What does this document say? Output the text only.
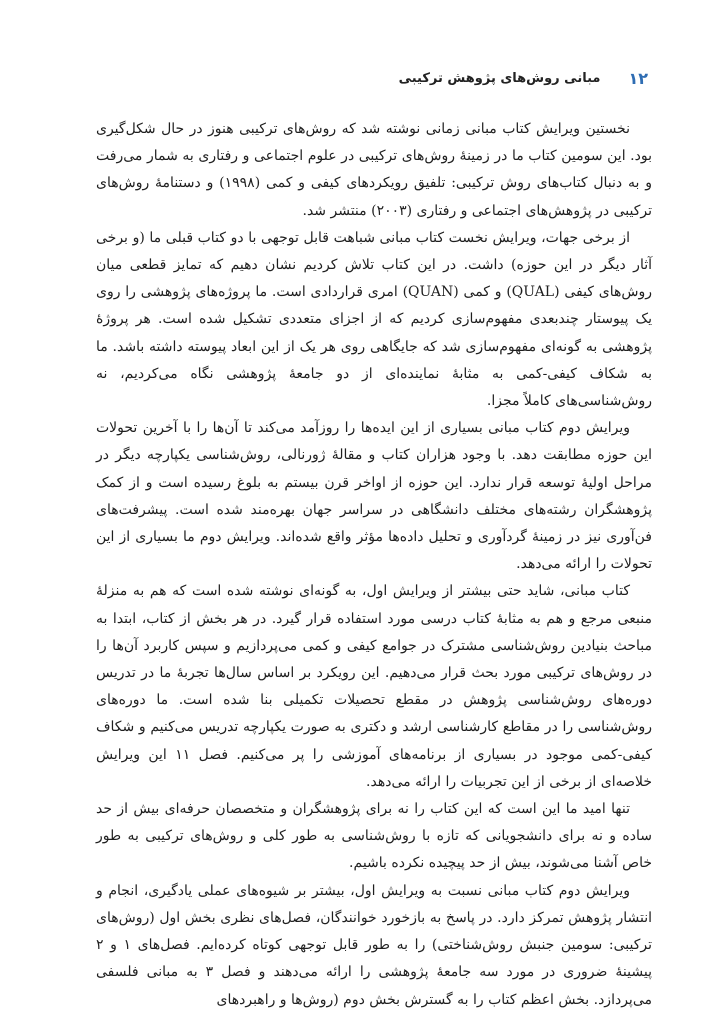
۱۲
مبانی روش‌های پژوهش ترکیبی

نخستین ویرایش کتاب مبانی زمانی نوشته شد که روش‌های ترکیبی هنوز در حال شکل‌گیری بود. این سومین کتاب ما در زمینهٔ روش‌های ترکیبی در علوم اجتماعی و رفتاری به شمار می‌رفت و به دنبال کتاب‌های روش ترکیبی: تلفیق رویکردهای کیفی و کمی (۱۹۹۸) و دستنامهٔ روش‌های ترکیبی در پژوهش‌های اجتماعی و رفتاری (۲۰۰۳) منتشر شد.

از برخی جهات، ویرایش نخست کتاب مبانی شباهت قابل توجهی با دو کتاب قبلی ما (و برخی آثار دیگر در این حوزه) داشت. در این کتاب تلاش کردیم نشان دهیم که تمایز قطعی میان روش‌های کیفی (QUAL) و کمی (QUAN) امری قراردادی است. ما پروژه‌های پژوهشی را روی یک پیوستار چندبعدی مفهوم‌سازی کردیم که از اجزای متعددی تشکیل شده است. هر پروژهٔ پژوهشی به گونه‌ای مفهوم‌سازی شد که جایگاهی روی هر یک از این ابعاد پیوسته داشته باشد. ما به شکاف کیفی-کمی به مثابهٔ نماینده‌ای از دو جامعهٔ پژوهشی نگاه می‌کردیم، نه روش‌شناسی‌های کاملاً مجزا.

ویرایش دوم کتاب مبانی بسیاری از این ایده‌ها را روزآمد می‌کند تا آن‌ها را با آخرین تحولات این حوزه مطابقت دهد. با وجود هزاران کتاب و مقالهٔ ژورنالی، روش‌شناسی یکپارچه دیگر در مراحل اولیهٔ توسعه قرار ندارد. این حوزه از اواخر قرن بیستم به بلوغ رسیده است و از کمک پژوهشگران رشته‌های مختلف دانشگاهی در سراسر جهان بهره‌مند شده است. پیشرفت‌های فن‌آوری نیز در زمینهٔ گردآوری و تحلیل داده‌ها مؤثر واقع شده‌اند. ویرایش دوم ما بسیاری از این تحولات را ارائه می‌دهد.

کتاب مبانی، شاید حتی بیشتر از ویرایش اول، به گونه‌ای نوشته شده است که هم به منزلهٔ منبعی مرجع و هم به مثابهٔ کتاب درسی مورد استفاده قرار گیرد. در هر بخش از کتاب، ابتدا به مباحث بنیادین روش‌شناسی مشترک در جوامع کیفی و کمی می‌پردازیم و سپس کاربرد آن‌ها را در روش‌های ترکیبی مورد بحث قرار می‌دهیم. این رویکرد بر اساس سال‌ها تجربهٔ ما در تدریس دوره‌های روش‌شناسی پژوهش در مقطع تحصیلات تکمیلی بنا شده است. ما دوره‌های روش‌شناسی را در مقاطع کارشناسی ارشد و دکتری به صورت یکپارچه تدریس می‌کنیم و شکاف کیفی-کمی موجود در بسیاری از برنامه‌های آموزشی را پر می‌کنیم. فصل ۱۱ این ویرایش خلاصه‌ای از برخی از این تجربیات را ارائه می‌دهد.

تنها امید ما این است که این کتاب را نه برای پژوهشگران و متخصصان حرفه‌ای بیش از حد ساده و نه برای دانشجویانی که تازه با روش‌شناسی به طور کلی و روش‌های ترکیبی به طور خاص آشنا می‌شوند، بیش از حد پیچیده نکرده باشیم.

ویرایش دوم کتاب مبانی نسبت به ویرایش اول، بیشتر بر شیوه‌های عملی یادگیری، انجام و انتشار پژوهش تمرکز دارد. در پاسخ به بازخورد خوانندگان، فصل‌های نظری بخش اول (روش‌های ترکیبی: سومین جنبش روش‌شناختی) را به طور قابل توجهی کوتاه کرده‌ایم. فصل‌های ۱ و ۲ پیشینهٔ ضروری در مورد سه جامعهٔ پژوهشی را ارائه می‌دهند و فصل ۳ به مبانی فلسفی می‌پردازد. بخش اعظم کتاب را به گسترش بخش دوم (روش‌ها و راهبردهای
